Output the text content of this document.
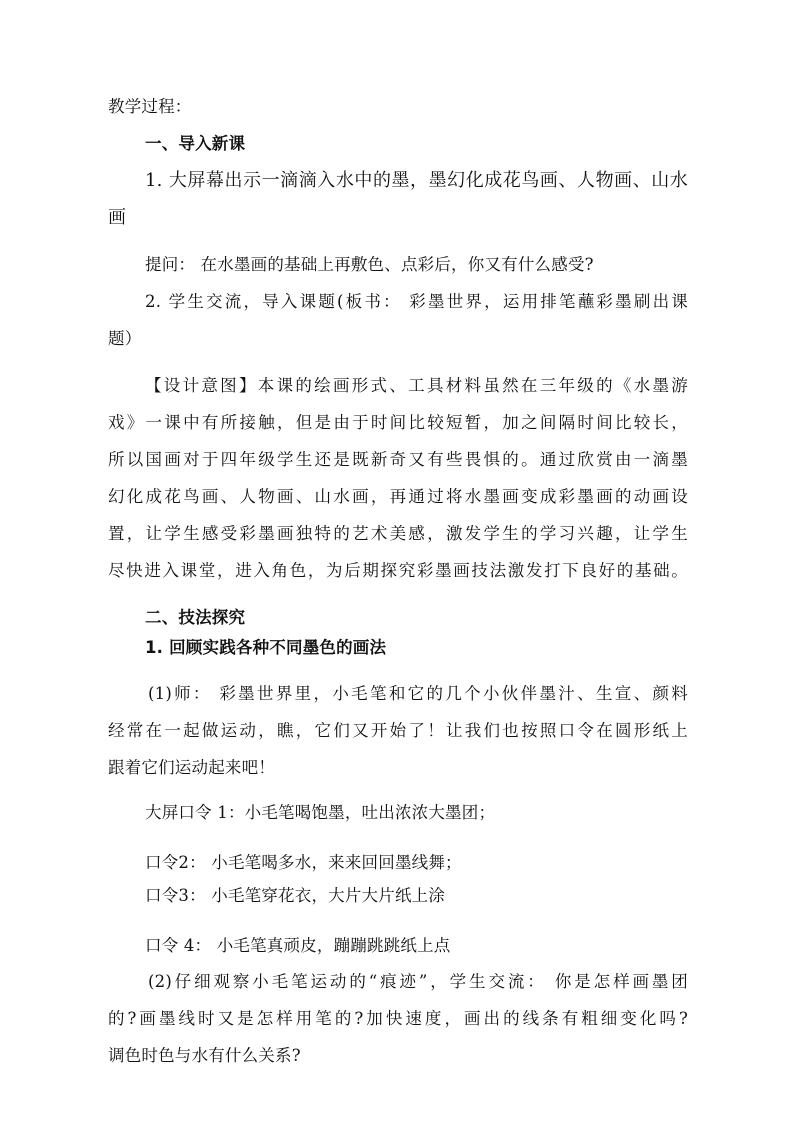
教学过程：
一、导入新课
1. 大屏幕出示一滴滴入水中的墨，墨幻化成花鸟画、人物画、山水
画
提问： 在水墨画的基础上再敷色、点彩后，你又有什么感受?
2. 学生交流，导入课题(板书： 彩墨世界，运用排笔蘸彩墨刷出课
题）
【设计意图】本课的绘画形式、工具材料虽然在三年级的《水墨游
戏》一课中有所接触，但是由于时间比较短暂，加之间隔时间比较长，
所以国画对于四年级学生还是既新奇又有些畏惧的。通过欣赏由一滴墨
幻化成花鸟画、人物画、山水画，再通过将水墨画变成彩墨画的动画设
置，让学生感受彩墨画独特的艺术美感，激发学生的学习兴趣，让学生
尽快进入课堂，进入角色，为后期探究彩墨画技法激发打下良好的基础。
二、技法探究
1. 回顾实践各种不同墨色的画法
(1)师： 彩墨世界里，小毛笔和它的几个小伙伴墨汁、生宣、颜料
经常在一起做运动，瞧，它们又开始了！让我们也按照口令在圆形纸上
跟着它们运动起来吧！
大屏口令 1：小毛笔喝饱墨，吐出浓浓大墨团；
口令2： 小毛笔喝多水，来来回回墨线舞；
口令3： 小毛笔穿花衣，大片大片纸上涂
口令 4： 小毛笔真顽皮，蹦蹦跳跳纸上点
(2)仔细观察小毛笔运动的“痕迹”，学生交流： 你是怎样画墨团
的?画墨线时又是怎样用笔的?加快速度，画出的线条有粗细变化吗?
调色时色与水有什么关系?
